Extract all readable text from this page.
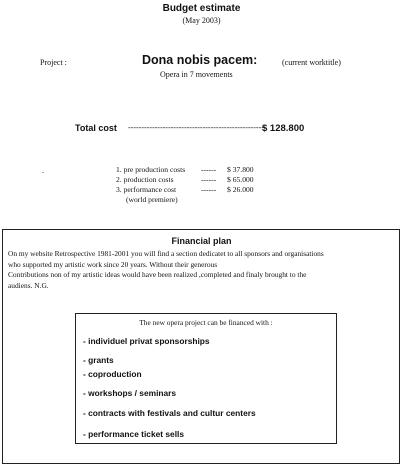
Budget estimate
(May 2003)
Project :	Dona nobis pacem:	(current worktitle)
Opera in 7 movements
Total cost ----------------------------------------------------
$ 128.800
.	1. pre production costs ------ $ 37.800
2. production costs	------ $ 65.000
3. performance cost	------ $ 26.000
(world premiere)
Financial plan
On my website Retrospective 1981-2001 you will find a section dedicatet to all sponsors and organisations
who supported my artistic work since 20 years. Without their generous
Contributions non of my artistic ideas would have been realized ,completed and finaly brought to the
audiens. N.G.
The new opera project can be financed with :
- individuel privat sponsorships
- grants
- coproduction
- workshops / seminars
- contracts with festivals and cultur centers
- performance ticket sells
